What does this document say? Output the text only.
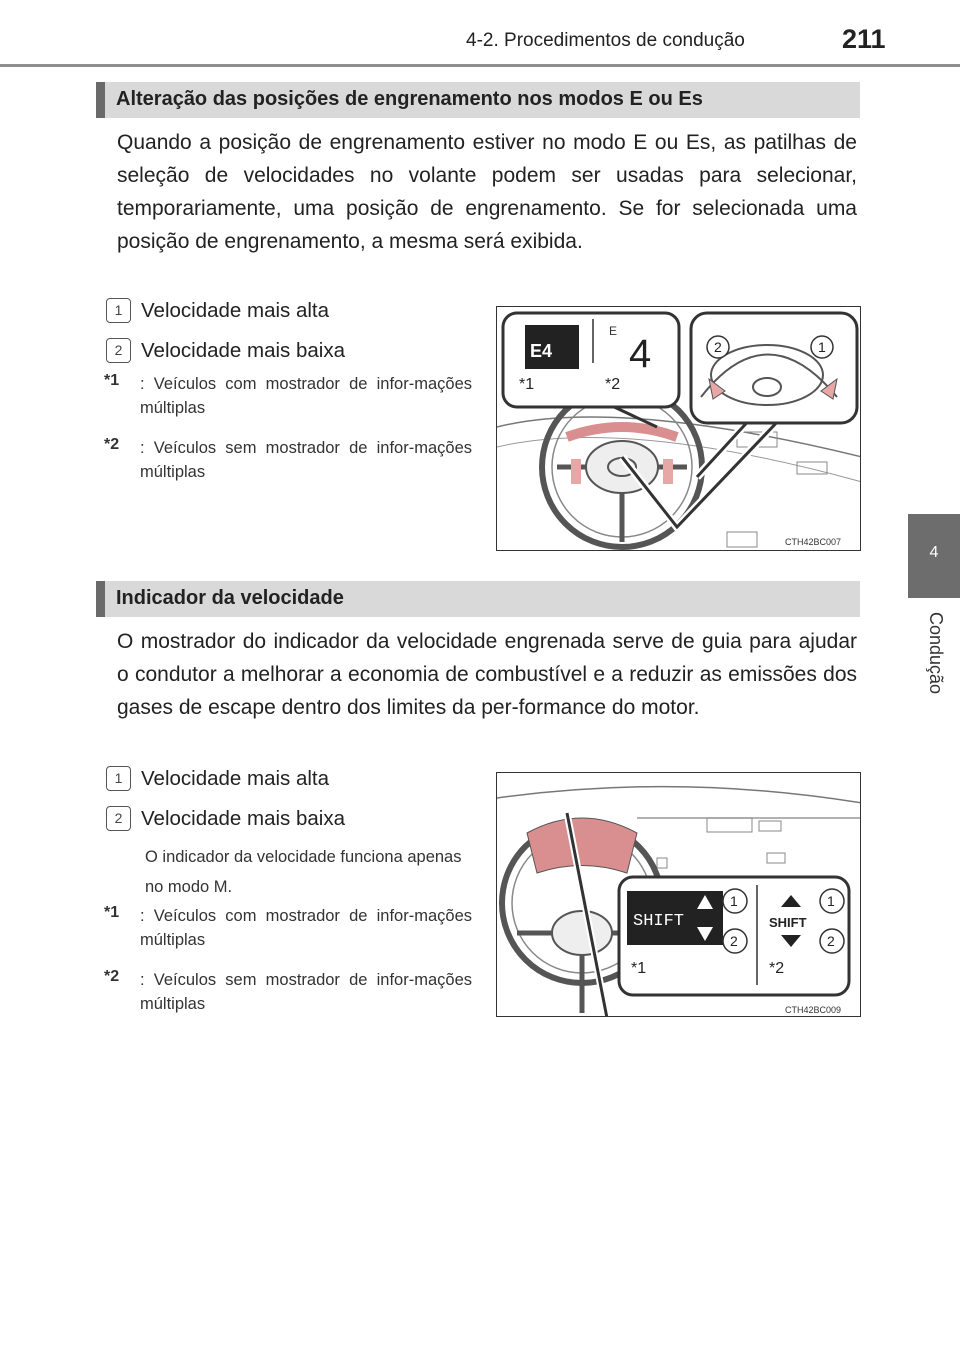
4-2. Procedimentos de condução	211
4
Condução
Alteração das posições de engrenamento nos modos E ou Es

Quando a posição de engrenamento estiver no modo E ou Es, as patilhas de seleção de velocidades no volante podem ser usadas para selecionar, temporariamente, uma posição de engrenamento. Se for selecionada uma posição de engrenamento, a mesma será exibida.

1 Velocidade mais alta
2 Velocidade mais baixa
*1	: Veículos com mostrador de infor-mações múltiplas
*2	: Veículos sem mostrador de infor-mações múltiplas
E4
E
4
*1	*2
2	1
CTH42BC007
Indicador da velocidade

O mostrador do indicador da velocidade engrenada serve de guia para ajudar o condutor a melhorar a economia de combustível e a reduzir as emissões dos gases de escape dentro dos limites da per-formance do motor.

1 Velocidade mais alta
2 Velocidade mais baixa
O indicador da velocidade funciona apenas no modo M.
*1	: Veículos com mostrador de infor-mações múltiplas
*2	: Veículos sem mostrador de infor-mações múltiplas
SHIFT	SHIFT
1
2
1
2
*1	*2
CTH42BC009
